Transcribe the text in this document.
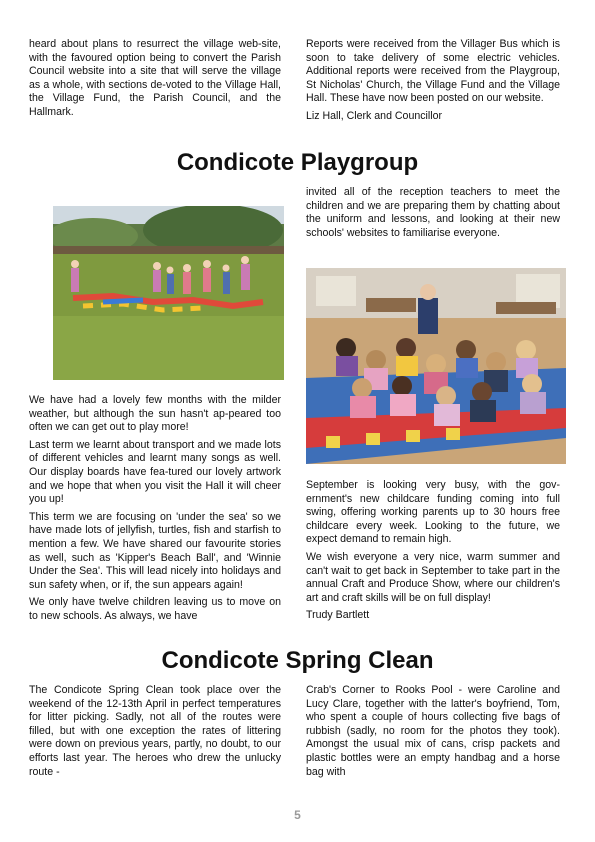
heard about plans to resurrect the village web-site, with the favoured option being to convert the Parish Council website into a site that will serve the village as a whole, with sections de-voted to the Village Hall, the Village Fund, the Parish Council, and the Hallmark.

Reports were received from the Villager Bus which is soon to take delivery of some electric vehicles. Additional reports were received from the Playgroup, St Nicholas' Church, the Village Fund and the Village Hall. These have now been posted on our website.

Liz Hall, Clerk and Councillor

Condicote Playgroup

We have had a lovely few months with the milder weather, but although the sun hasn't ap-peared too often we can get out to play more!

Last term we learnt about transport and we made lots of different vehicles and learnt many songs as well. Our display boards have fea-tured our lovely artwork and we hope that when you visit the Hall it will cheer you up!

This term we are focusing on 'under the sea' so we have made lots of jellyfish, turtles, fish and starfish to mention a few. We have shared our favourite stories as well, such as 'Kipper's Beach Ball', and 'Winnie Under the Sea'. This will lead nicely into holidays and sun safety when, or if, the sun appears again!

We only have twelve children leaving us to move on to new schools. As always, we have

invited all of the reception teachers to meet the children and we are preparing them by chatting about the uniform and lessons, and looking at their new schools' websites to familiarise everyone.

September is looking very busy, with the gov-ernment's new childcare funding coming into full swing, offering working parents up to 30 hours free childcare every week. Looking to the future, we expect demand to remain high.

We wish everyone a very nice, warm summer and can't wait to get back in September to take part in the annual Craft and Produce Show, where our children's art and craft skills will be on full display!

Trudy Bartlett

Condicote Spring Clean

The Condicote Spring Clean took place over the weekend of the 12-13th April in perfect temperatures for litter picking. Sadly, not all of the routes were filled, but with one exception the rates of littering were down on previous years, partly, no doubt, to our efforts last year. The heroes who drew the unlucky route -

Crab's Corner to Rooks Pool - were Caroline and Lucy Clare, together with the latter's boyfriend, Tom, who spent a couple of hours collecting five bags of rubbish (sadly, no room for the photos they took). Amongst the usual mix of cans, crisp packets and plastic bottles were an empty handbag and a horse bag with

5
